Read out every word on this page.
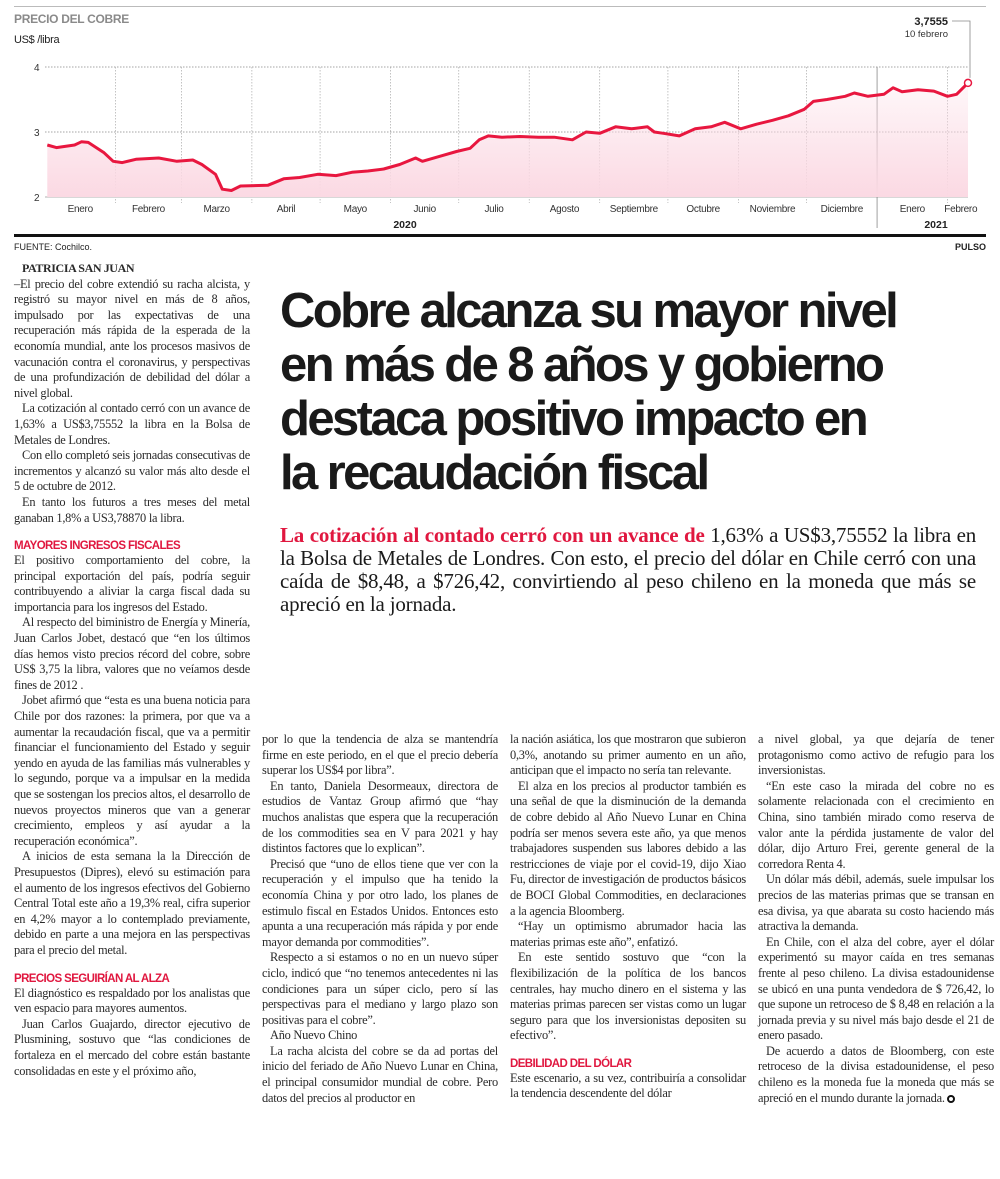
2
3
4
Enero	Febrero	Marzo	Abril	Mayo	Junio	Julio	Agosto	Septiembre	Octubre	Noviembre	Diciembre	Enero Febrero
2020	2021
3,7555
10 febrero
PRECIO DEL COBRE
US$ /libra
FUENTE: Cochilco.	PULSO

PATRICIA SAN JUAN

–El precio del cobre extendió su racha alcista, y registró su mayor nivel en más de 8 años, impulsado por las expectativas de una recuperación más rápida de la esperada de la economía mundial, ante los procesos masivos de vacunación contra el coronavirus, y perspectivas de una profundización de debilidad del dólar a nivel global.

La cotización al contado cerró con un avance de 1,63% a US$3,75552 la libra en la Bolsa de Metales de Londres.

Con ello completó seis jornadas consecutivas de incrementos y alcanzó su valor más alto desde el 5 de octubre de 2012.

En tanto los futuros a tres meses del metal ganaban 1,8% a US3,78870 la libra.

MAYORES INGRESOS FISCALES

El positivo comportamiento del cobre, la principal exportación del país, podría seguir contribuyendo a aliviar la carga fiscal dada su importancia para los ingresos del Estado.

Al respecto del biministro de Energía y Minería, Juan Carlos Jobet, destacó que “en los últimos días hemos visto precios récord del cobre, sobre US$ 3,75 la libra, valores que no veíamos desde fines de 2012 .

Jobet afirmó que “esta es una buena noticia para Chile por dos razones: la primera, por que va a aumentar la recaudación fiscal, que va a permitir financiar el funcionamiento del Estado y seguir yendo en ayuda de las familias más vulnerables y lo segundo, porque va a impulsar en la medida que se sostengan los precios altos, el desarrollo de nuevos proyectos mineros que van a generar crecimiento, empleos y así ayudar a la recuperación económica”.

A inicios de esta semana la la Dirección de Presupuestos (Dipres), elevó su estimación para el aumento de los ingresos efectivos del Gobierno Central Total este año a 19,3% real, cifra superior en 4,2% mayor a lo contemplado previamente, debido en parte a una mejora en las perspectivas para el precio del metal.

PRECIOS SEGUIRÍAN AL ALZA

El diagnóstico es respaldado por los analistas que ven espacio para mayores aumentos.

Juan Carlos Guajardo, director ejecutivo de Plusmining, sostuvo que “las condiciones de fortaleza en el mercado del cobre están bastante consolidadas en este y el próximo año,

Cobre alcanza su mayor nivel
en más de 8 años y gobierno
destaca positivo impacto en
la recaudación fiscal
La cotización al contado cerró con un avance de 1,63% a US$3,75552 la libra en la Bolsa de Metales de Londres. Con esto, el precio del dólar en Chile cerró con una caída de $8,48, a $726,42, convirtiendo al peso chileno en la moneda que más se apreció en la jornada.

por lo que la tendencia de alza se mantendría firme en este periodo, en el que el precio debería superar los US$4 por libra”.

En tanto, Daniela Desormeaux, directora de estudios de Vantaz Group afirmó que “hay muchos analistas que espera que la recuperación de los commodities sea en V para 2021 y hay distintos factores que lo explican”.

Precisó que “uno de ellos tiene que ver con la recuperación y el impulso que ha tenido la economía China y por otro lado, los planes de estimulo fiscal en Estados Unidos. Entonces esto apunta a una recuperación más rápida y por ende mayor demanda por commodities”.

Respecto a si estamos o no en un nuevo súper ciclo, indicó que “no tenemos antecedentes ni las condiciones para un súper ciclo, pero sí las perspectivas para el mediano y largo plazo son positivas para el cobre”.

Año Nuevo Chino

La racha alcista del cobre se da ad portas del inicio del feriado de Año Nuevo Lunar en China, el principal consumidor mundial de cobre. Pero datos del precios al productor en

la nación asiática, los que mostraron que subieron 0,3%, anotando su primer aumento en un año, anticipan que el impacto no sería tan relevante.

El alza en los precios al productor también es una señal de que la disminución de la demanda de cobre debido al Año Nuevo Lunar en China podría ser menos severa este año, ya que menos trabajadores suspenden sus labores debido a las restricciones de viaje por el covid-19, dijo Xiao Fu, director de investigación de productos básicos de BOCI Global Commodities, en declaraciones a la agencia Bloomberg.

“Hay un optimismo abrumador hacia las materias primas este año”, enfatizó.

En este sentido sostuvo que “con la flexibilización de la política de los bancos centrales, hay mucho dinero en el sistema y las materias primas parecen ser vistas como un lugar seguro para que los inversionistas depositen su efectivo”.

DEBILIDAD DEL DÓLAR

Este escenario, a su vez, contribuiría a consolidar la tendencia descendente del dólar

a nivel global, ya que dejaría de tener protagonismo como activo de refugio para los inversionistas.

“En este caso la mirada del cobre no es solamente relacionada con el crecimiento en China, sino también mirado como reserva de valor ante la pérdida justamente de valor del dólar, dijo Arturo Frei, gerente general de la corredora Renta 4.

Un dólar más débil, además, suele impulsar los precios de las materias primas que se transan en esa divisa, ya que abarata su costo haciendo más atractiva la demanda.

En Chile, con el alza del cobre, ayer el dólar experimentó su mayor caída en tres semanas frente al peso chileno. La divisa estadounidense se ubicó en una punta vendedora de $ 726,42, lo que supone un retroceso de $ 8,48 en relación a la jornada previa y su nivel más bajo desde el 21 de enero pasado.

De acuerdo a datos de Bloomberg, con este retroceso de la divisa estadounidense, el peso chileno es la moneda fue la moneda que más se apreció en el mundo durante la jornada.
